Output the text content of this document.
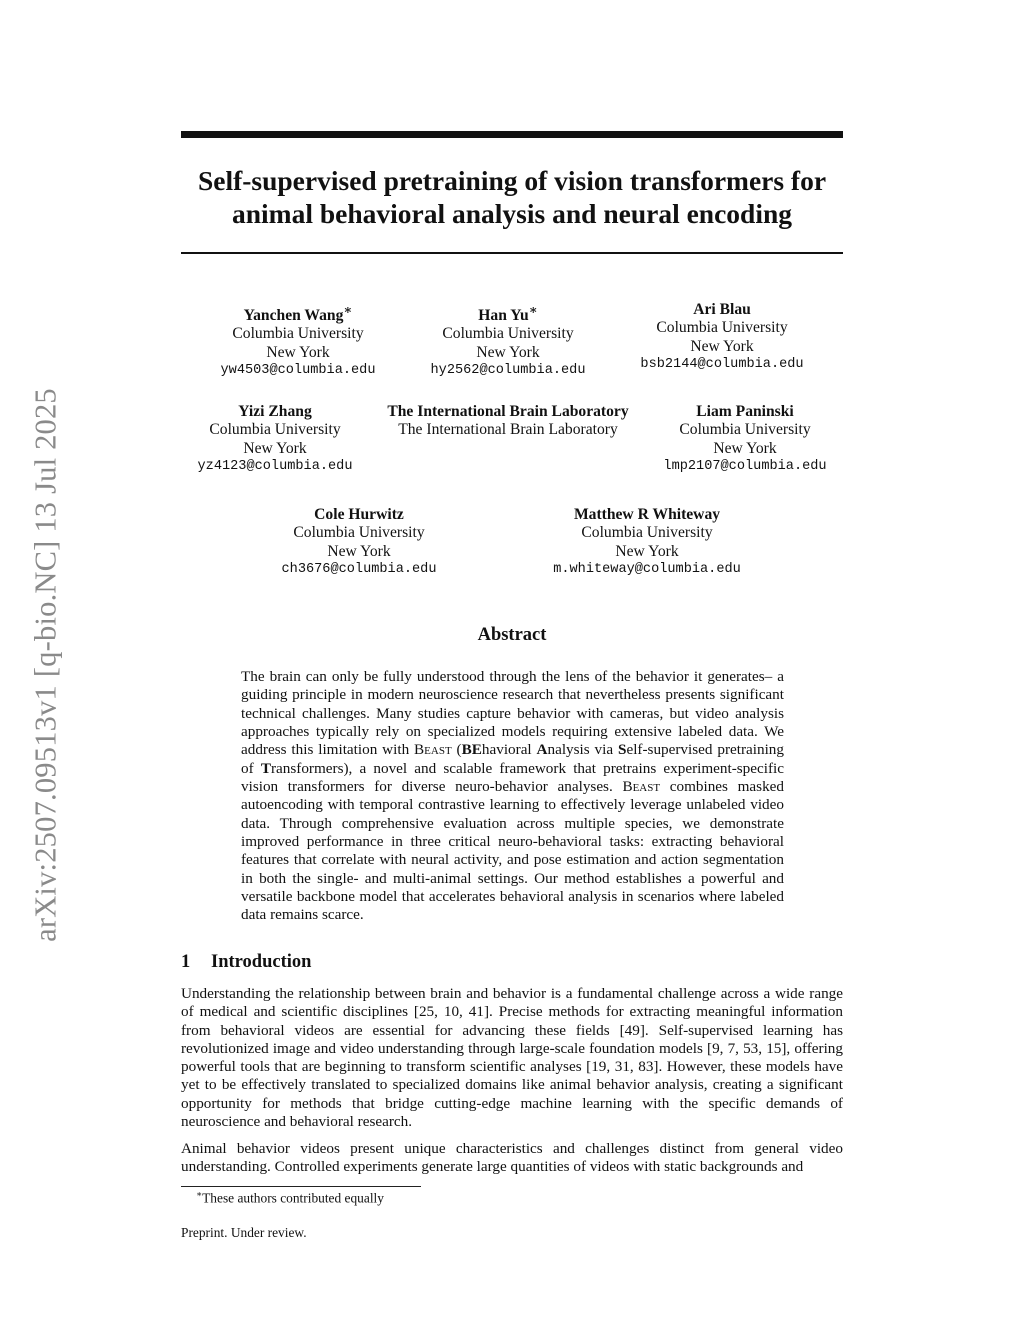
arXiv:2507.09513v1 [q-bio.NC] 13 Jul 2025
Self-supervised pretraining of vision transformers for
animal behavioral analysis and neural encoding
Yanchen Wang∗
Columbia University
New York
yw4503@columbia.edu
Han Yu∗
Columbia University
New York
hy2562@columbia.edu
Ari Blau
Columbia University
New York
bsb2144@columbia.edu
Yizi Zhang
Columbia University
New York
yz4123@columbia.edu
The International Brain Laboratory
The International Brain Laboratory
Liam Paninski
Columbia University
New York
lmp2107@columbia.edu
Cole Hurwitz
Columbia University
New York
ch3676@columbia.edu
Matthew R Whiteway
Columbia University
New York
m.whiteway@columbia.edu
Abstract

The brain can only be fully understood through the lens of the behavior it generates– a guiding principle in modern neuroscience research that nevertheless presents significant technical challenges. Many studies capture behavior with cameras, but video analysis approaches typically rely on specialized models requiring extensive labeled data. We address this limitation with Beast (BEhavioral Analysis via Self-supervised pretraining of Transformers), a novel and scalable framework that pretrains experiment-specific vision transformers for diverse neuro-behavior analyses. Beast combines masked autoencoding with temporal contrastive learning to effectively leverage unlabeled video data. Through comprehensive evaluation across multiple species, we demonstrate improved performance in three critical neuro-behavioral tasks: extracting behavioral features that correlate with neural activity, and pose estimation and action segmentation in both the single- and multi-animal settings. Our method establishes a powerful and versatile backbone model that accelerates behavioral analysis in scenarios where labeled data remains scarce.

1 Introduction

Understanding the relationship between brain and behavior is a fundamental challenge across a wide range of medical and scientific disciplines [25, 10, 41]. Precise methods for extracting meaningful information from behavioral videos are essential for advancing these fields [49]. Self-supervised learning has revolutionized image and video understanding through large-scale foundation models [9, 7, 53, 15], offering powerful tools that are beginning to transform scientific analyses [19, 31, 83]. However, these models have yet to be effectively translated to specialized domains like animal behavior analysis, creating a significant opportunity for methods that bridge cutting-edge machine learning with the specific demands of neuroscience and behavioral research.

Animal behavior videos present unique characteristics and challenges distinct from general video understanding. Controlled experiments generate large quantities of videos with static backgrounds and

∗These authors contributed equally
Preprint. Under review.
